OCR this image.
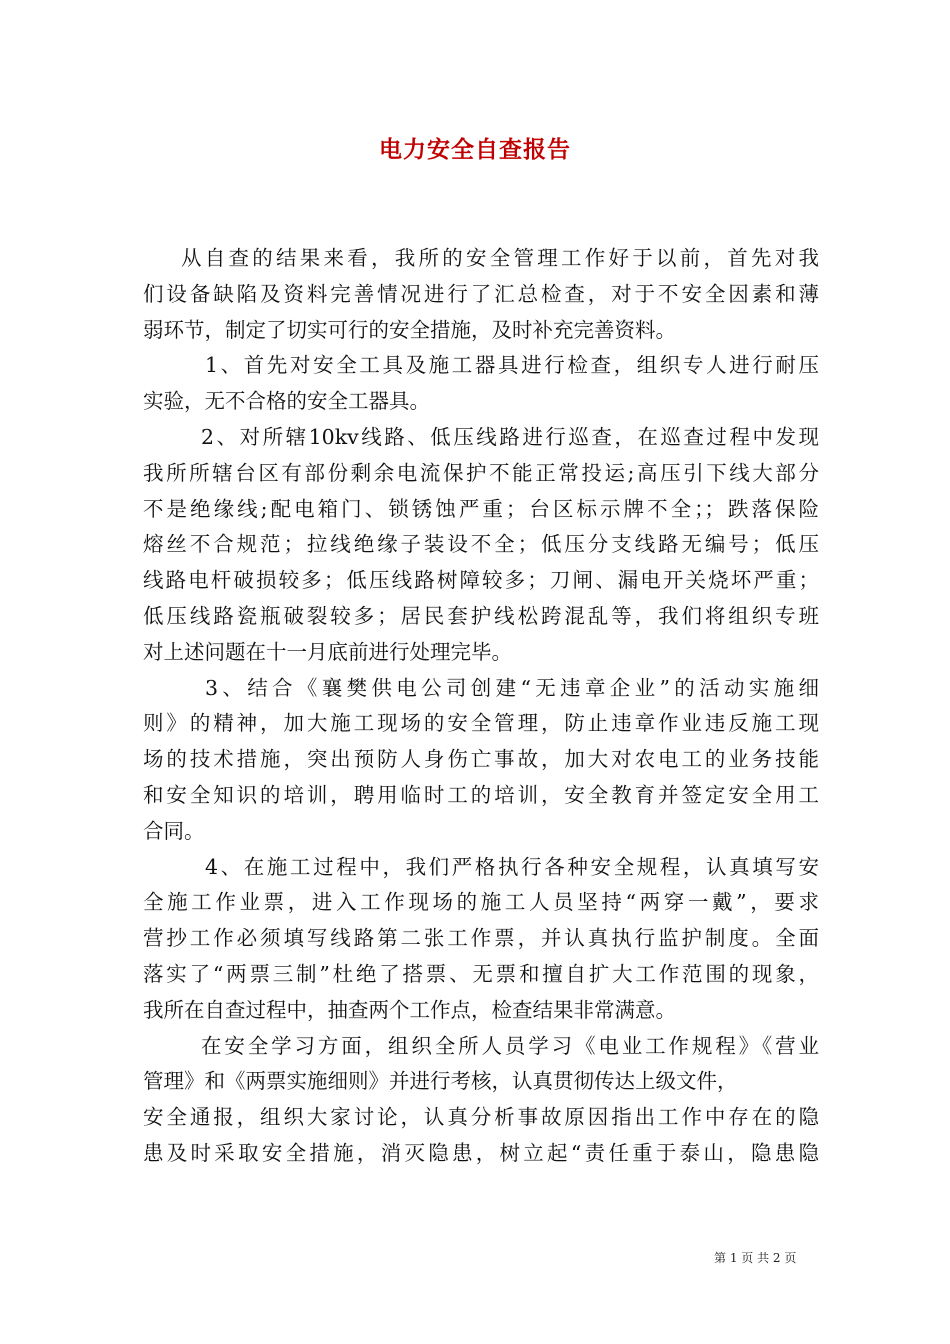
电力安全自查报告
从自查的结果来看，我所的安全管理工作好于以前，首先对我
们设备缺陷及资料完善情况进行了汇总检查，对于不安全因素和薄
弱环节，制定了切实可行的安全措施，及时补充完善资料。
1、首先对安全工具及施工器具进行检查，组织专人进行耐压
实验，无不合格的安全工器具。
2、对所辖10kv线路、低压线路进行巡查，在巡查过程中发现
我所所辖台区有部份剩余电流保护不能正常投运;高压引下线大部分
不是绝缘线;配电箱门、锁锈蚀严重；台区标示牌不全；；跌落保险
熔丝不合规范；拉线绝缘子装设不全；低压分支线路无编号；低压
线路电杆破损较多；低压线路树障较多；刀闸、漏电开关烧坏严重；
低压线路瓷瓶破裂较多；居民套护线松跨混乱等，我们将组织专班
对上述问题在十一月底前进行处理完毕。
3、结合《襄樊供电公司创建“无违章企业”的活动实施细
则》的精神，加大施工现场的安全管理，防止违章作业违反施工现
场的技术措施，突出预防人身伤亡事故，加大对农电工的业务技能
和安全知识的培训，聘用临时工的培训，安全教育并签定安全用工
合同。
4、在施工过程中，我们严格执行各种安全规程，认真填写安
全施工作业票，进入工作现场的施工人员坚持“两穿一戴”，要求
营抄工作必须填写线路第二张工作票，并认真执行监护制度。全面
落实了“两票三制”杜绝了搭票、无票和擅自扩大工作范围的现象，
我所在自查过程中，抽查两个工作点，检查结果非常满意。
在安全学习方面，组织全所人员学习《电业工作规程》《营业
管理》和《两票实施细则》并进行考核，认真贯彻传达上级文件，
安全通报，组织大家讨论，认真分析事故原因指出工作中存在的隐
患及时采取安全措施，消灭隐患，树立起“责任重于泰山，隐患隐
第 1 页 共 2 页
